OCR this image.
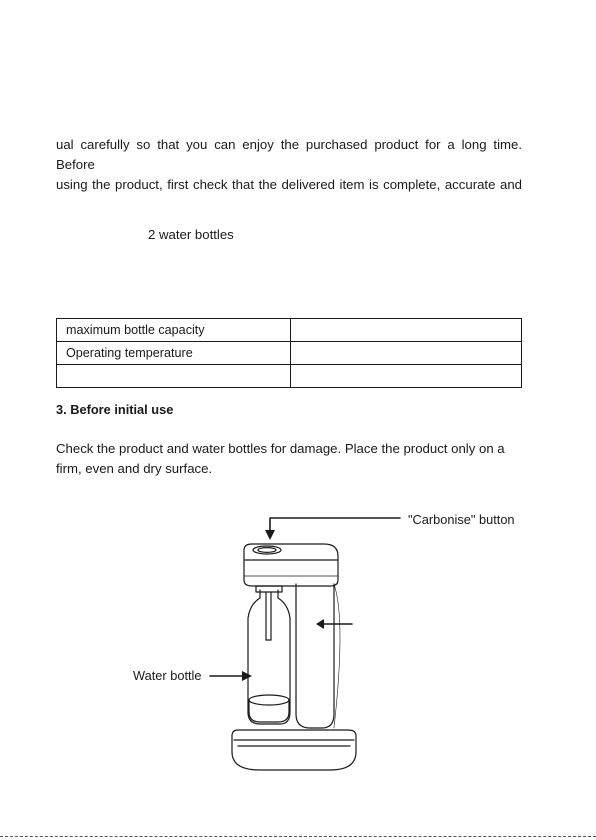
ual carefully so that you can enjoy the purchased product for a long time. Before
using the product, first check that the delivered item is complete, accurate and

2 water bottles

maximum bottle capacity	
Operating temperature	

3. Before initial use

Check the product and water bottles for damage. Place the product only on a
firm, even and dry surface.

"Carbonise" button

Water bottle
